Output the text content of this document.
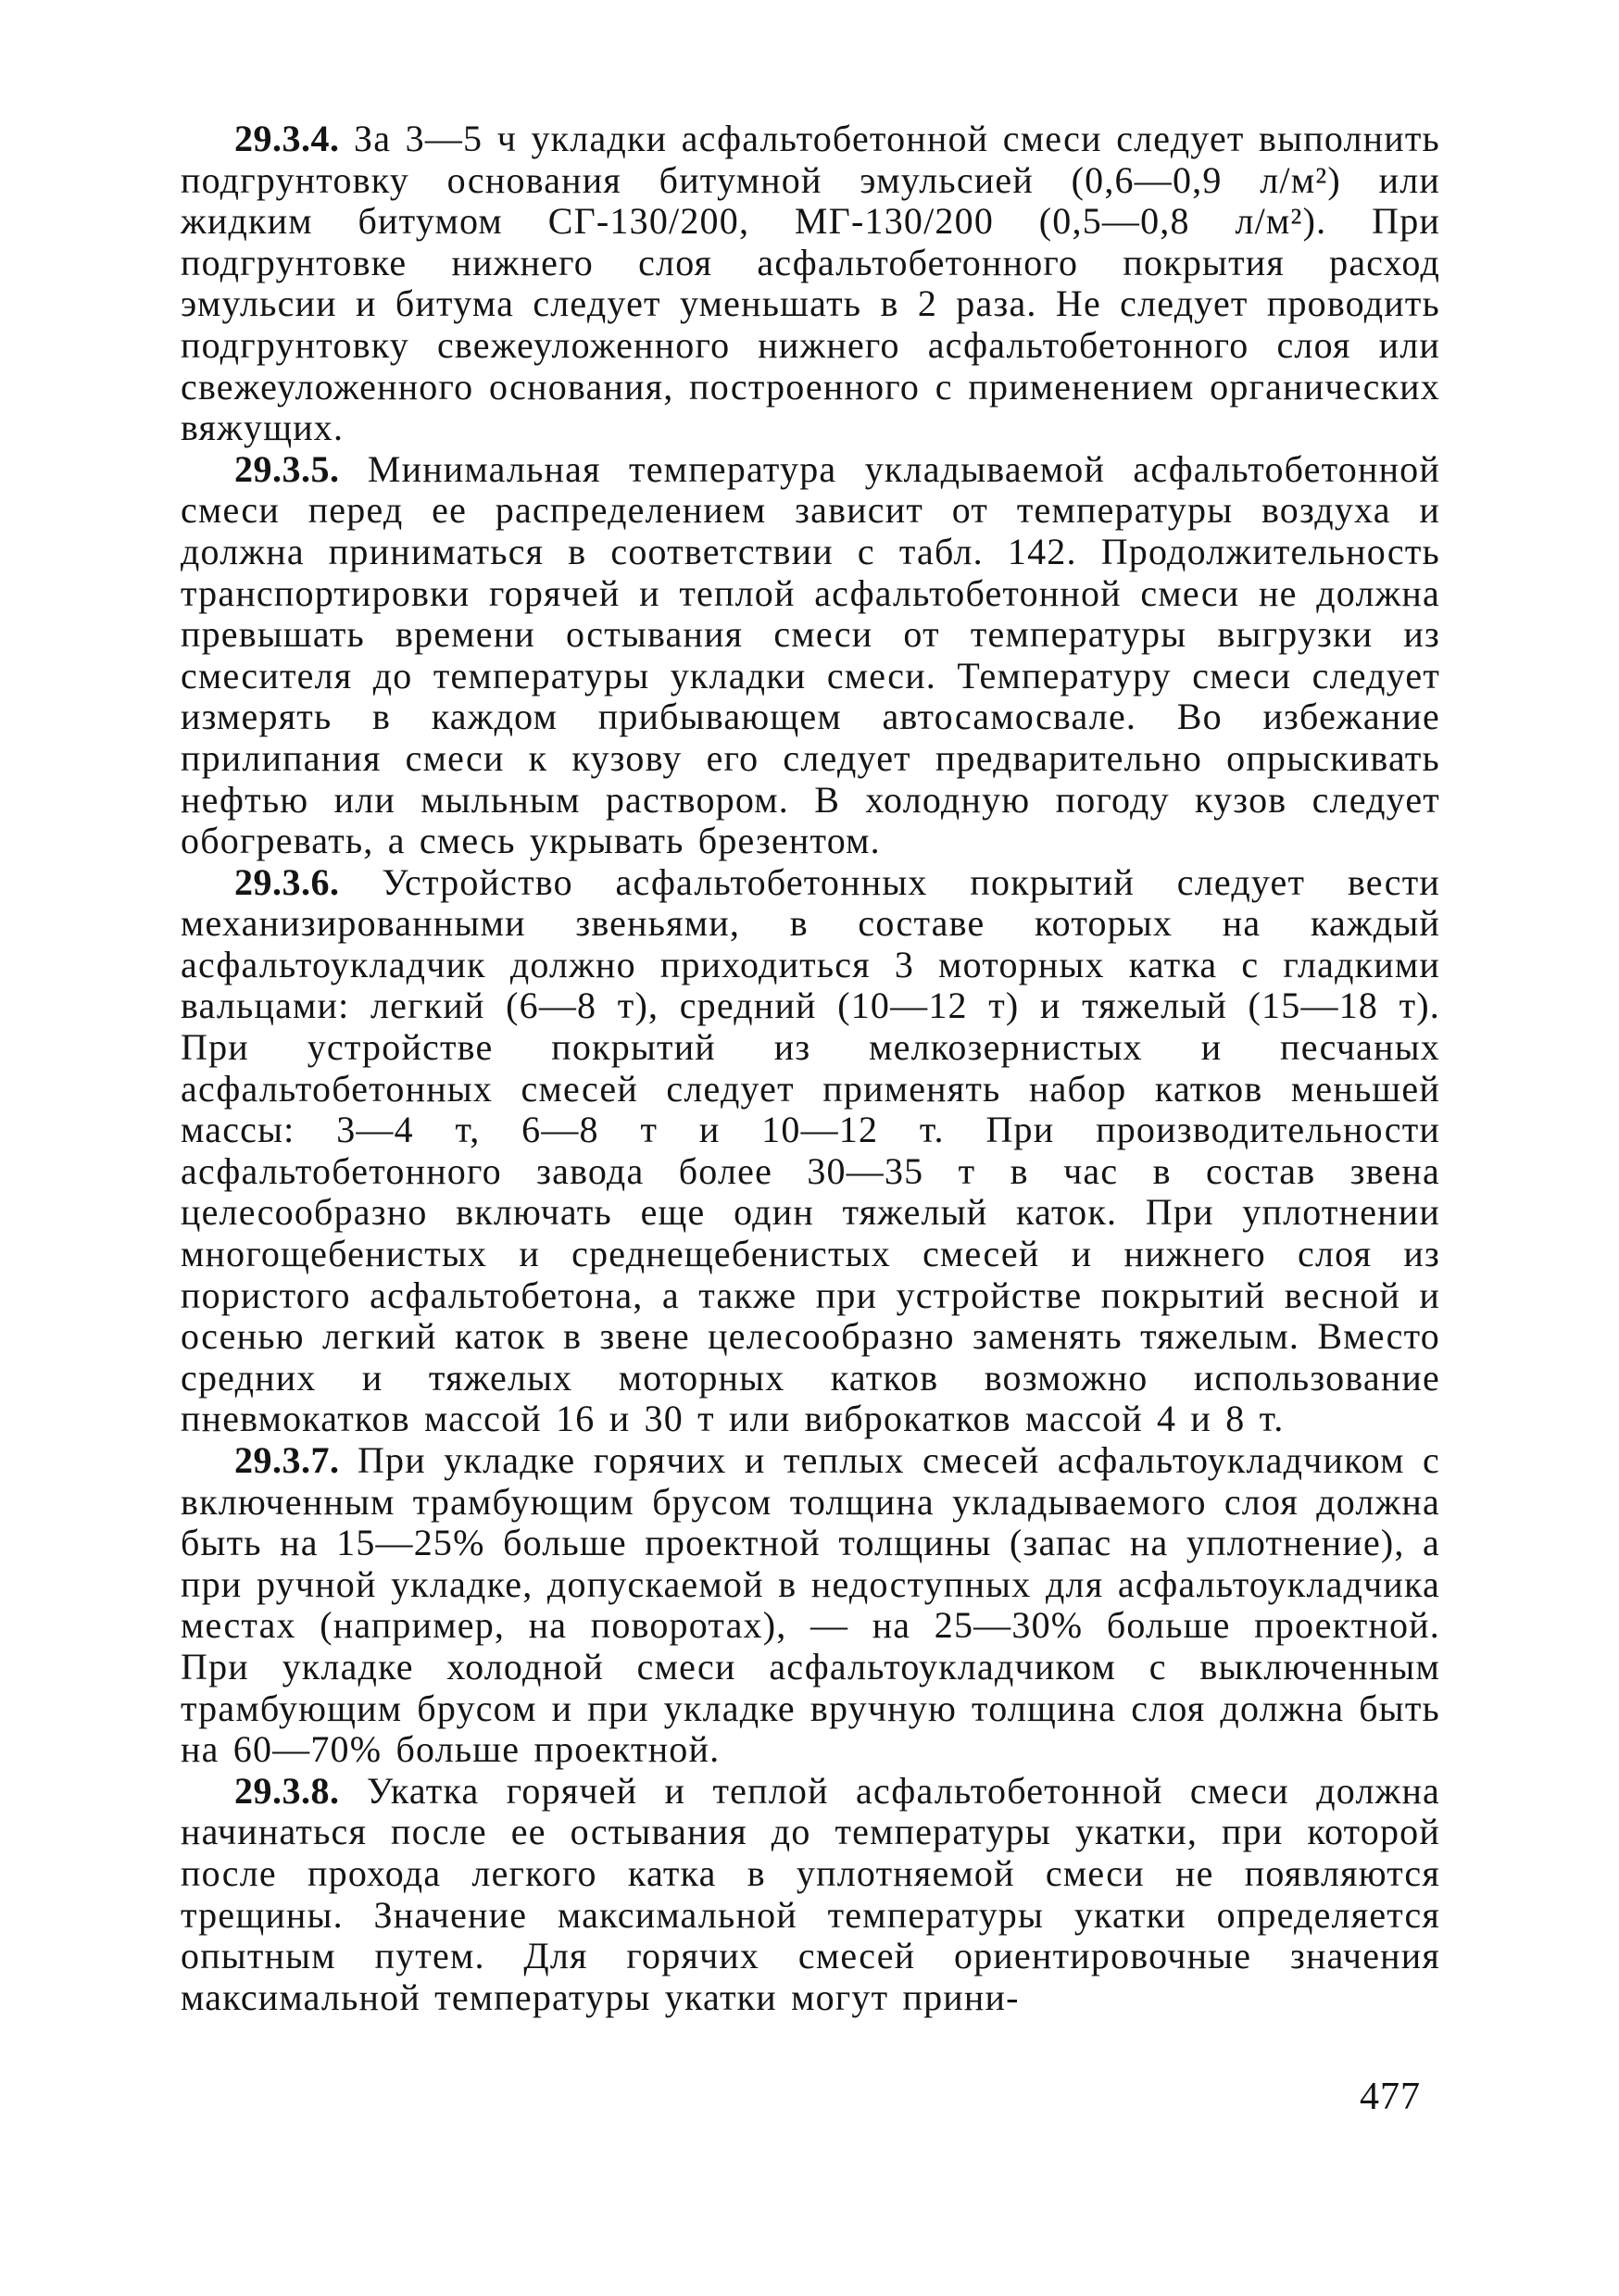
29.3.4. За 3—5 ч укладки асфальтобетонной смеси следует выполнить подгрунтовку основания битумной эмульсией (0,6—0,9 л/м²) или жидким битумом СГ-130/200, МГ-130/200 (0,5—0,8 л/м²). При подгрунтовке нижнего слоя асфальтобетонного покрытия расход эмульсии и битума следует уменьшать в 2 раза. Не следует проводить подгрунтовку свежеуложенного нижнего асфальтобетонного слоя или свежеуложенного основания, построенного с применением органических вяжущих.

29.3.5. Минимальная температура укладываемой асфальтобетонной смеси перед ее распределением зависит от температуры воздуха и должна приниматься в соответствии с табл. 142. Продолжительность транспортировки горячей и теплой асфальтобетонной смеси не должна превышать времени остывания смеси от температуры выгрузки из смесителя до температуры укладки смеси. Температуру смеси следует измерять в каждом прибывающем автосамосвале. Во избежание прилипания смеси к кузову его следует предварительно опрыскивать нефтью или мыльным раствором. В холодную погоду кузов следует обогревать, а смесь укрывать брезентом.

29.3.6. Устройство асфальтобетонных покрытий следует вести механизированными звеньями, в составе которых на каждый асфальтоукладчик должно приходиться 3 моторных катка с гладкими вальцами: легкий (6—8 т), средний (10—12 т) и тяжелый (15—18 т). При устройстве покрытий из мелкозернистых и песчаных асфальтобетонных смесей следует применять набор катков меньшей массы: 3—4 т, 6—8 т и 10—12 т. При производительности асфальтобетонного завода более 30—35 т в час в состав звена целесообразно включать еще один тяжелый каток. При уплотнении многощебенистых и среднещебенистых смесей и нижнего слоя из пористого асфальтобетона, а также при устройстве покрытий весной и осенью легкий каток в звене целесообразно заменять тяжелым. Вместо средних и тяжелых моторных катков возможно использование пневмокатков массой 16 и 30 т или виброкатков массой 4 и 8 т.

29.3.7. При укладке горячих и теплых смесей асфальтоукладчиком с включенным трамбующим брусом толщина укладываемого слоя должна быть на 15—25% больше проектной толщины (запас на уплотнение), а при ручной укладке, допускаемой в недоступных для асфальтоукладчика местах (например, на поворотах), — на 25—30% больше проектной. При укладке холодной смеси асфальтоукладчиком с выключенным трамбующим брусом и при укладке вручную толщина слоя должна быть на 60—70% больше проектной.

29.3.8. Укатка горячей и теплой асфальтобетонной смеси должна начинаться после ее остывания до температуры укатки, при которой после прохода легкого катка в уплотняемой смеси не появляются трещины. Значение максимальной температуры укатки определяется опытным путем. Для горячих смесей ориентировочные значения максимальной температуры укатки могут прини-

477
